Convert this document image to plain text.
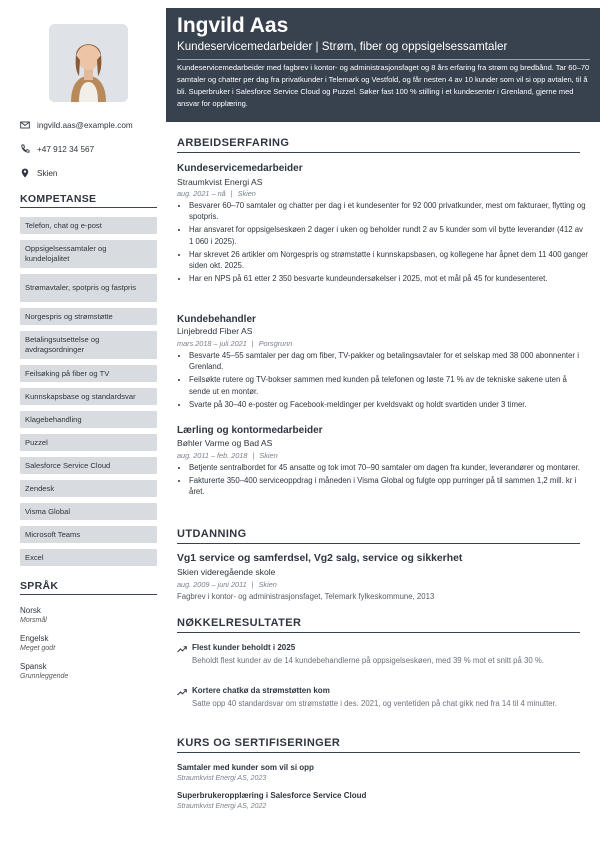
ingvild.aas@example.com
+47 912 34 567
Skien
KOMPETANSE
Telefon, chat og e-post
Oppsigelsessamtaler og kundelojalitet
Strømavtaler, spotpris og fastpris
Norgespris og strømstøtte
Betalingsutsettelse og avdragsordninger
Feilsøking på fiber og TV
Kunnskapsbase og standardsvar
Klagebehandling
Puzzel
Salesforce Service Cloud
Zendesk
Visma Global
Microsoft Teams
Excel
SPRÅK
Norsk
Morsmål
Engelsk
Meget godt
Spansk
Grunnleggende
Ingvild Aas
Kundeservicemedarbeider | Strøm, fiber og oppsigelsessamtaler
Kundeservicemedarbeider med fagbrev i kontor- og administrasjonsfaget og 8 års erfaring fra strøm og bredbånd. Tar 60–70 samtaler og chatter per dag fra privatkunder i Telemark og Vestfold, og får nesten 4 av 10 kunder som vil si opp avtalen, til å bli. Superbruker i Salesforce Service Cloud og Puzzel. Søker fast 100 % stilling i et kundesenter i Grenland, gjerne med ansvar for opplæring.
ARBEIDSERFARING
Kundeservicemedarbeider
Straumkvist Energi AS
aug. 2021 – nå | Skien
• Besvarer 60–70 samtaler og chatter per dag i et kundesenter for 92 000 privatkunder, mest om fakturaer, flytting og spotpris.
• Har ansvaret for oppsigelseskøen 2 dager i uken og beholder rundt 2 av 5 kunder som vil bytte leverandør (412 av 1 060 i 2025).
• Har skrevet 26 artikler om Norgespris og strømstøtte i kunnskapsbasen, og kollegene har åpnet dem 11 400 ganger siden okt. 2025.
• Har en NPS på 61 etter 2 350 besvarte kundeundersøkelser i 2025, mot et mål på 45 for kundesenteret.
Kundebehandler
Linjebredd Fiber AS
mars 2018 – juli 2021 | Porsgrunn
• Besvarte 45–55 samtaler per dag om fiber, TV-pakker og betalingsavtaler for et selskap med 38 000 abonnenter i Grenland.
• Feilsøkte rutere og TV-bokser sammen med kunden på telefonen og løste 71 % av de tekniske sakene uten å sende ut en montør.
• Svarte på 30–40 e-poster og Facebook-meldinger per kveldsvakt og holdt svartiden under 3 timer.
Lærling og kontormedarbeider
Bøhler Varme og Bad AS
aug. 2011 – feb. 2018 | Skien
• Betjente sentralbordet for 45 ansatte og tok imot 70–90 samtaler om dagen fra kunder, leverandører og montører.
• Fakturerte 350–400 serviceoppdrag i måneden i Visma Global og fulgte opp purringer på til sammen 1,2 mill. kr i året.
UTDANNING
Vg1 service og samferdsel, Vg2 salg, service og sikkerhet
Skien videregående skole
aug. 2009 – juni 2011 | Skien
Fagbrev i kontor- og administrasjonsfaget, Telemark fylkeskommune, 2013
NØKKELRESULTATER
Flest kunder beholdt i 2025
Beholdt flest kunder av de 14 kundebehandlerne på oppsigelseskøen, med 39 % mot et snitt på 30 %.
Kortere chatkø da strømstøtten kom
Satte opp 40 standardsvar om strømstøtte i des. 2021, og ventetiden på chat gikk ned fra 14 til 4 minutter.
KURS OG SERTIFISERINGER
Samtaler med kunder som vil si opp
Straumkvist Energi AS, 2023
Superbrukeropplæring i Salesforce Service Cloud
Straumkvist Energi AS, 2022
